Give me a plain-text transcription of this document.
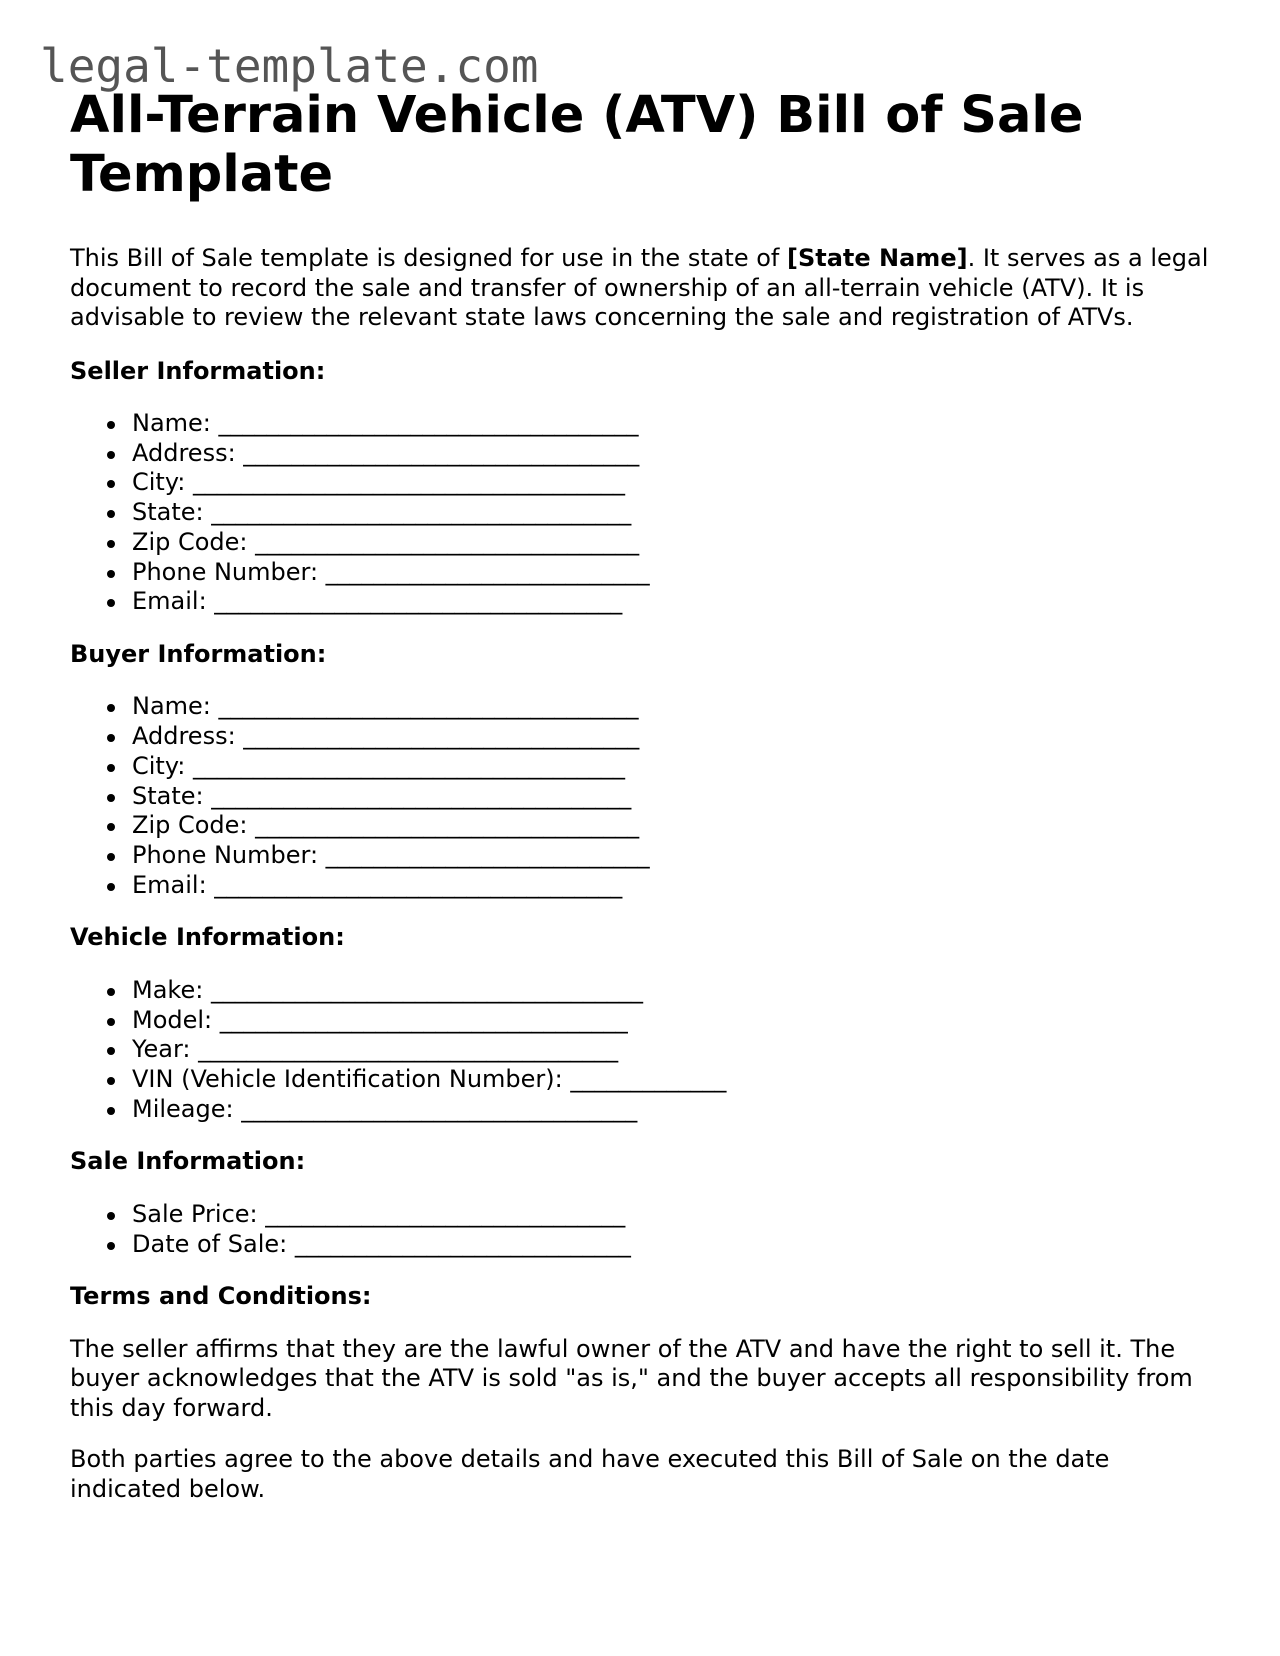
legal-template.com
All-Terrain Vehicle (ATV) Bill of Sale Template

This Bill of Sale template is designed for use in the state of [State Name]. It serves as a legal document to record the sale and transfer of ownership of an all-terrain vehicle (ATV). It is advisable to review the relevant state laws concerning the sale and registration of ATVs.

Seller Information:
Name: ___________________________________
Address: _________________________________
City: ____________________________________
State: ___________________________________
Zip Code: ________________________________
Phone Number: ___________________________
Email: __________________________________
Buyer Information:
Name: ___________________________________
Address: _________________________________
City: ____________________________________
State: ___________________________________
Zip Code: ________________________________
Phone Number: ___________________________
Email: __________________________________
Vehicle Information:
Make: ____________________________________
Model: __________________________________
Year: ___________________________________
VIN (Vehicle Identification Number): _____________
Mileage: _________________________________
Sale Information:
Sale Price: ______________________________
Date of Sale: ____________________________
Terms and Conditions:

The seller affirms that they are the lawful owner of the ATV and have the right to sell it. The buyer acknowledges that the ATV is sold "as is," and the buyer accepts all responsibility from this day forward.

Both parties agree to the above details and have executed this Bill of Sale on the date indicated below.
